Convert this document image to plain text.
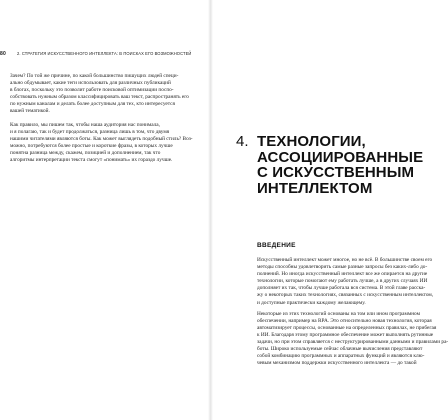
80	2. СТРАТЕГИЯ ИСКУССТВЕННОГО ИНТЕЛЛЕКТА: В ПОИСКАХ ЕГО ВОЗМОЖНОСТЕЙ
Зачем? По той же причине, по какой большинство пишущих людей специ-
ально обдумывает, какие теги использовать для различных публикаций
в блогах, поскольку это позволит работе поисковой оптимизации поспо-
собствовать нужным образом классифицировать ваш текст, распространять его
по нужным каналам и делать более доступным для тех, кто интересуется
вашей тематикой.
Как правило, мы пишем так, чтобы наша аудитория нас понимала,
и я полагаю, так и будет продолжаться, разница лишь в том, что двумя
нашими читателями являются боты. Как может выглядеть подобный стиль? Воз-
можно, потребуются более простые и короткие фразы, в которых лучше
понятна разница между, скажем, позицией и дополнением, так что
алгоритмы интерпретации текста смогут «понимать» их гораздо лучше.
4. ТЕХНОЛОГИИ,
АССОЦИИРОВАННЫЕ
С ИСКУССТВЕННЫМ
ИНТЕЛЛЕКТОМ
ВВЕДЕНИЕ
Искусственный интеллект может многое, но не всё. В большинстве своем его
методы способны удовлетворить самые разные запросы без каких-либо до-
полнений. Но иногда искусственный интеллект все же опирается на другие
технологии, которые помогают ему работать лучше, а в других случаях ИИ
дополняет их так, чтобы лучше работала вся система. В этой главе расска-
жу о некоторых таких технологиях, связанных с искусственным интеллектом,
и доступные практически каждому желающему.
Некоторые из этих технологий основаны на том или ином программном
обеспечении, например на RPA. Это относительно новая технология, которая
автоматизирует процессы, основанные на определенных правилах, не прибегая
к ИИ. Благодаря этому программное обеспечение может выполнять рутинные
задачи, но при этом справляется с неструктурированными данными и правилами ра-
боты. Широко используемые сейчас облачные вычисления представляют
собой комбинацию программных и аппаратных функций и являются клю-
чевым механизмом поддержки искусственного интеллекта — до такой
